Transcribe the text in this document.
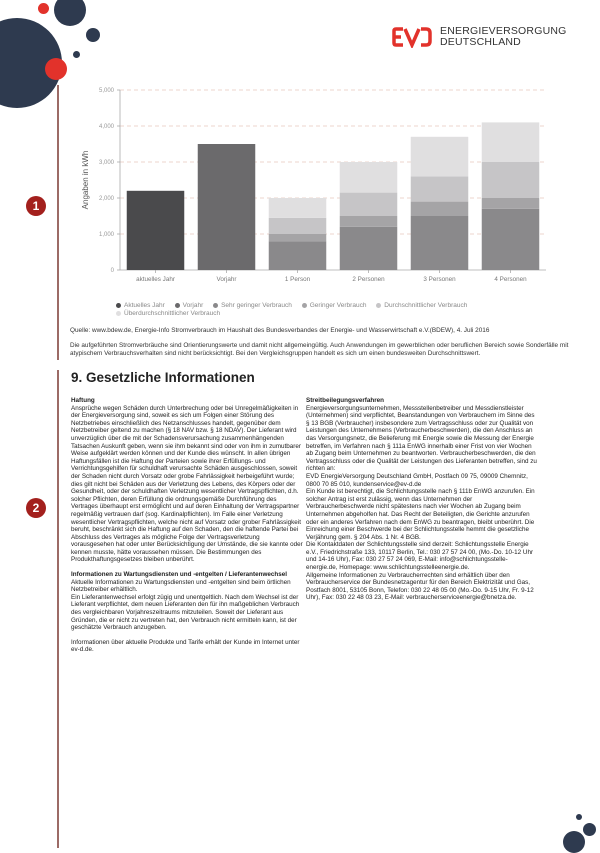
1
2
ENERGIEVERSORGUNG
DEUTSCHLAND
0
1,000
2,000
3,000
4,000
5,000
Angaben in kWh
aktuelles Jahr	Vorjahr	1 Person	2 Personen	3 Personen	4 Personen
Aktuelles Jahr	Vorjahr	Sehr geringer Verbrauch	Geringer Verbrauch	Durchschnittlicher Verbrauch Überdurchschnittlicher Verbrauch
Quelle: www.bdew.de, Energie-Info Stromverbrauch im Haushalt des Bundesverbandes der Energie- und Wasserwirtschaft e.V.(BDEW), 4. Juli 2016
Die aufgeführten Stromverbräuche sind Orientierungswerte und damit nicht allgemeingültig. Auch Anwendungen im gewerblichen oder beruflichen Bereich sowie Sonderfälle mit atypischem Verbrauchsverhalten sind nicht berücksichtigt. Bei den Vergleichsgruppen handelt es sich um einen bundesweiten Durchschnittswert.
9. Gesetzliche Informationen
Haftung

Ansprüche wegen Schäden durch Unterbrechung oder bei Unregelmäßigkeiten in der Energieversorgung sind, soweit es sich um Folgen einer Störung des Netzbetriebes einschließlich des Netzanschlusses handelt, gegenüber dem Netzbetreiber geltend zu machen (§ 18 NAV bzw. § 18 NDAV). Der Lieferant wird unverzüglich über die mit der Schadensverursachung zusammenhängenden Tatsachen Auskunft geben, wenn sie ihm bekannt sind oder von ihm in zumutbarer Weise aufgeklärt werden können und der Kunde dies wünscht. In allen übrigen Haftungsfällen ist die Haftung der Parteien sowie ihrer Erfüllungs- und Verrichtungsgehilfen für schuldhaft verursachte Schäden ausgeschlossen, soweit der Schaden nicht durch Vorsatz oder grobe Fahrlässigkeit herbeigeführt wurde; dies gilt nicht bei Schäden aus der Verletzung des Lebens, des Körpers oder der Gesundheit, oder der schuldhaften Verletzung wesentlicher Vertragspflichten, d.h. solcher Pflichten, deren Erfüllung die ordnungsgemäße Durchführung des Vertrages überhaupt erst ermöglicht und auf deren Einhaltung der Vertragspartner regelmäßig vertrauen darf (sog. Kardinalpflichten). Im Falle einer Verletzung wesentlicher Vertragspflichten, welche nicht auf Vorsatz oder grober Fahrlässigkeit beruht, beschränkt sich die Haftung auf den Schaden, den die haftende Partei bei Abschluss des Vertrages als mögliche Folge der Vertragsverletzung vorausgesehen hat oder unter Berücksichtigung der Umstände, die sie kannte oder kennen musste, hätte voraussehen müssen. Die Bestimmungen des Produkthaftungsgesetzes bleiben unberührt.

Informationen zu Wartungsdiensten und -entgelten / Lieferantenwechsel

Aktuelle Informationen zu Wartungsdiensten und -entgelten sind beim örtlichen Netzbetreiber erhältlich.

Ein Lieferantenwechsel erfolgt zügig und unentgeltlich. Nach dem Wechsel ist der Lieferant verpflichtet, dem neuen Lieferanten den für ihn maßgeblichen Verbrauch des vergleichbaren Vorjahreszeitraums mitzuteilen. Soweit der Lieferant aus Gründen, die er nicht zu vertreten hat, den Verbrauch nicht ermitteln kann, ist der geschätzte Verbrauch anzugeben.

Informationen über aktuelle Produkte und Tarife erhält der Kunde im Internet unter ev-d.de.

Streitbeilegungsverfahren

Energieversorgungsunternehmen, Messstellenbetreiber und Messdienstleister (Unternehmen) sind verpflichtet, Beanstandungen von Verbrauchern im Sinne des § 13 BGB (Verbraucher) insbesondere zum Vertragsschluss oder zur Qualität von Leistungen des Unternehmens (Verbraucherbeschwerden), die den Anschluss an das Versorgungsnetz, die Belieferung mit Energie sowie die Messung der Energie betreffen, im Verfahren nach § 111a EnWG innerhalb einer Frist von vier Wochen ab Zugang beim Unternehmen zu beantworten. Verbraucherbeschwerden, die den Vertragsschluss oder die Qualität der Leistungen des Lieferanten betreffen, sind zu richten an:

EVD EnergieVersorgung Deutschland GmbH, Postfach 09 75, 09009 Chemnitz, 0800 70 85 010, kundenservice@ev-d.de

Ein Kunde ist berechtigt, die Schlichtungsstelle nach § 111b EnWG anzurufen. Ein solcher Antrag ist erst zulässig, wenn das Unternehmen der Verbraucherbeschwerde nicht spätestens nach vier Wochen ab Zugang beim Unternehmen abgeholfen hat. Das Recht der Beteiligten, die Gerichte anzurufen oder ein anderes Verfahren nach dem EnWG zu beantragen, bleibt unberührt. Die Einreichung einer Beschwerde bei der Schlichtungsstelle hemmt die gesetzliche Verjährung gem. § 204 Abs. 1 Nr. 4 BGB.

Die Kontaktdaten der Schlichtungsstelle sind derzeit: Schlichtungsstelle Energie e.V., Friedrichstraße 133, 10117 Berlin, Tel.: 030 27 57 24 00, (Mo.-Do. 10-12 Uhr und 14-16 Uhr), Fax: 030 27 57 24 069, E-Mail: info@schlichtungsstelle-energie.de, Homepage: www.schlichtungsstelleenergie.de.

Allgemeine Informationen zu Verbraucherrechten sind erhältlich über den Verbraucherservice der Bundesnetzagentur für den Bereich Elektrizität und Gas, Postfach 8001, 53105 Bonn, Telefon: 030 22 48 05 00 (Mo.-Do. 9-15 Uhr, Fr. 9-12 Uhr), Fax: 030 22 48 03 23, E-Mail: verbraucherserviceenergie@bnetza.de.
